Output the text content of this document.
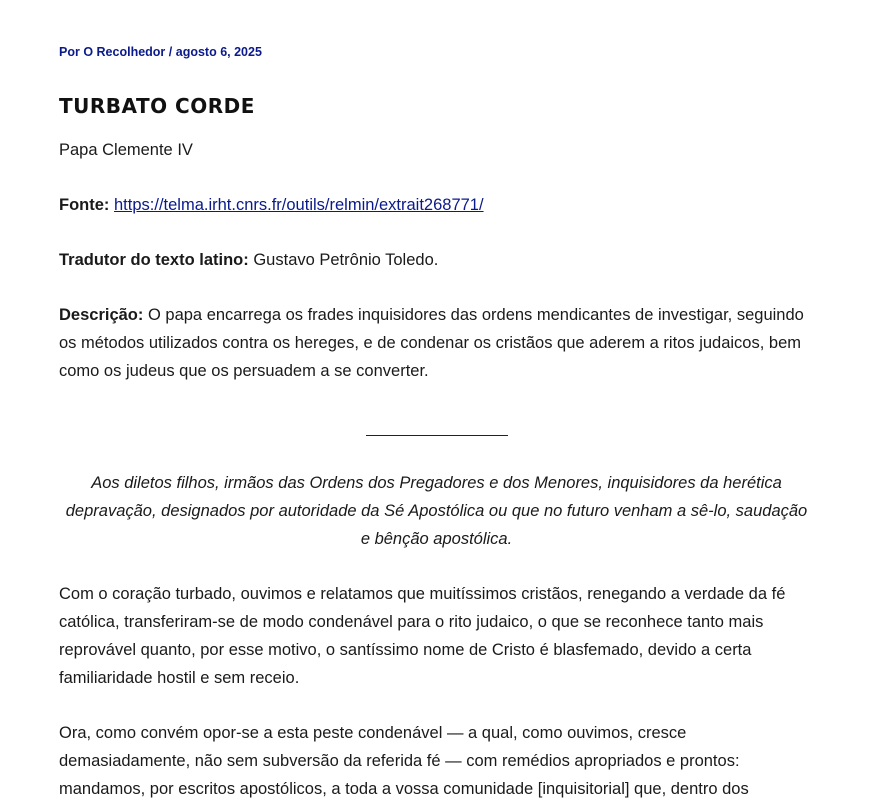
Por O Recolhedor / agosto 6, 2025
TURBATO CORDE

Papa Clemente IV

Fonte: https://telma.irht.cnrs.fr/outils/relmin/extrait268771/

Tradutor do texto latino: Gustavo Petrônio Toledo.

Descrição: O papa encarrega os frades inquisidores das ordens mendicantes de investigar, seguindo os métodos utilizados contra os hereges, e de condenar os cristãos que aderem a ritos judaicos, bem como os judeus que os persuadem a se converter.

Aos diletos filhos, irmãos das Ordens dos Pregadores e dos Menores, inquisidores da herética depravação, designados por autoridade da Sé Apostólica ou que no futuro venham a sê-lo, saudação e bênção apostólica.

Com o coração turbado, ouvimos e relatamos que muitíssimos cristãos, renegando a verdade da fé católica, transferiram-se de modo condenável para o rito judaico, o que se reconhece tanto mais reprovável quanto, por esse motivo, o santíssimo nome de Cristo é blasfemado, devido a certa familiaridade hostil e sem receio.

Ora, como convém opor-se a esta peste condenável — a qual, como ouvimos, cresce demasiadamente, não sem subversão da referida fé — com remédios apropriados e prontos: mandamos, por escritos apostólicos, a toda a vossa comunidade [inquisitorial] que, dentro dos
